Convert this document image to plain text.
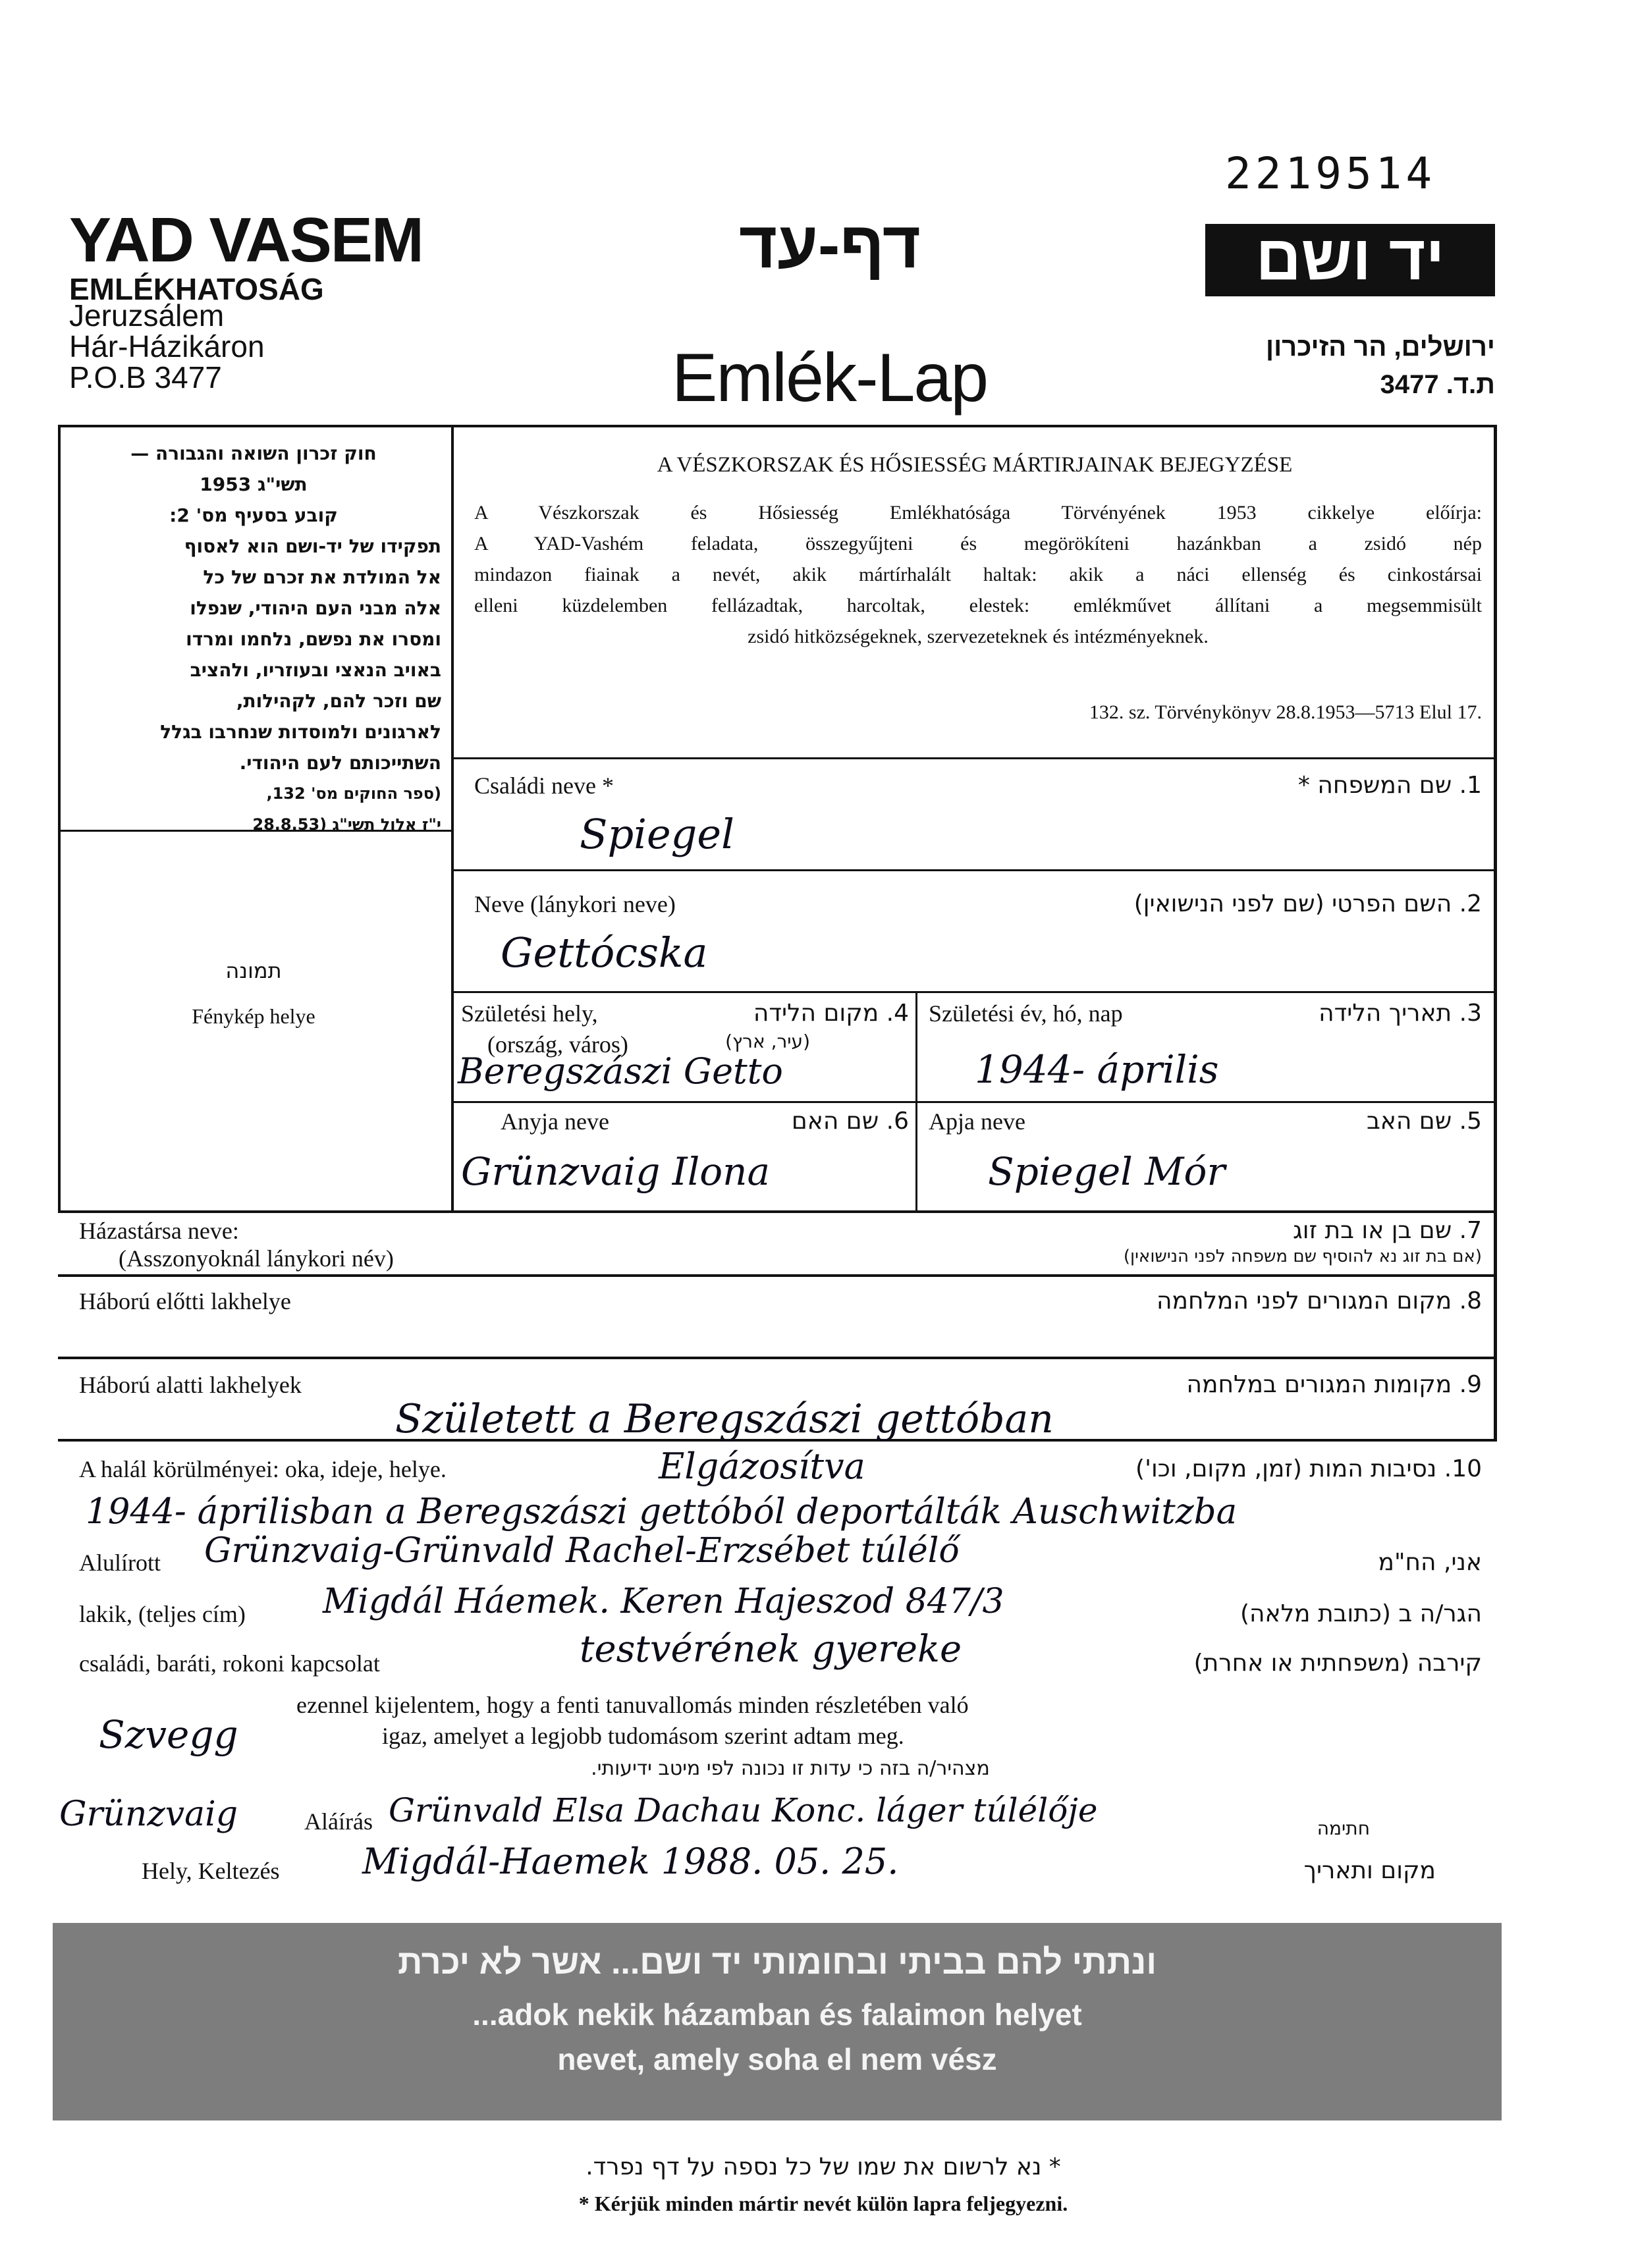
2219514
YAD VASEM
EMLÉKHATOSÁG
Jeruzsálem
Hár-Házikáron
P.O.B 3477
דף-עד
Emlék-Lap
יד ושם
ירושלים, הר הזיכרון
ת.ד. 3477
חוק זכרון השואה והגבורה —
תשי"ג 1953
קובע בסעיף מס' 2:
תפקידו של יד-ושם הוא לאסוף
אל המולדת את זכרם של כל
אלה מבני העם היהודי, שנפלו
ומסרו את נפשם, נלחמו ומרדו
באויב הנאצי ובעוזריו, ולהציב
שם וזכר להם, לקהילות,
לארגונים ולמוסדות שנחרבו בגלל
השתייכותם לעם היהודי.
(ספר החוקים מס' 132,
י"ז אלול תשי"ג (28.8.53
תמונה
Fénykép helye
A VÉSZKORSZAK ÉS HŐSIESSÉG MÁRTIRJAINAK BEJEGYZÉSE
A Vészkorszak és Hősiesség Emlékhatósága Törvényének 1953 cikkelye előírja:
A YAD-Vashém feladata, összegyűjteni és megörökíteni hazánkban a zsidó nép
mindazon fiainak a nevét, akik mártírhalált haltak: akik a náci ellenség és cinkostársai
elleni küzdelemben fellázadtak, harcoltak, elestek: emlékművet állítani a megsemmisült
zsidó hitközségeknek, szervezeteknek és intézményeknek.
132. sz. Törvénykönyv 28.8.1953—5713 Elul 17.
Családi neve *	1. שם המשפחה *
Spiegel
Neve (lánykori neve)	2. השם הפרטי (שם לפני הנישואין)
Gettócska
Születési hely,
(ország, város)
4. מקום הלידה
(עיר, ארץ)
Beregszászi Getto
Születési év, hó, nap	3. תאריך הלידה
1944- április
Anyja neve	6. שם האם
Grünzvaig Ilona
Apja neve	5. שם האב
Spiegel Mór
Házastársa neve:
(Asszonyoknál lánykori név)
7. שם בן או בת זוג
(אם בת זוג נא להוסיף שם משפחה לפני הנישואין)
Háború előtti lakhelye	8. מקום המגורים לפני המלחמה
Háború alatti lakhelyek	9. מקומות המגורים במלחמה
Született a Beregszászi gettóban
A halál körülményei: oka, ideje, helye.	10. נסיבות המות (זמן, מקום, וכו')
Elgázosítva
1944- áprilisban a Beregszászi gettóból deportálták Auschwitzba
Alulírott Grünzvaig-Grünvald Rachel-Erzsébet túlélő	אני, הח"מ
lakik, (teljes cím) Migdál Háemek. Keren Hajeszod 847/3	הגר/ה ב (כתובת מלאה)
családi, baráti, rokoni kapcsolat	testvérének gyereke	קירבה (משפחתית או אחרת)
ezennel kijelentem, hogy a fenti tanuvallomás minden részletében való
igaz, amelyet a legjobb tudomásom szerint adtam meg.
מצהיר/ה בזה כי עדות זו נכונה לפי מיטב ידיעותי.
Szvegg
Grünzvaig	Aláírás Grünvald Elsa Dachau Konc. láger túlélője	חתימה
Hely, Keltezés Migdál-Haemek 1988. 05. 25.	מקום ותאריך
ונתתי להם בביתי ובחומותי יד ושם... אשר לא יכרת
...adok nekik házamban és falaimon helyet
nevet, amely soha el nem vész
* נא לרשום את שמו של כל נספה על דף נפרד.
* Kérjük minden mártir nevét külön lapra feljegyezni.
